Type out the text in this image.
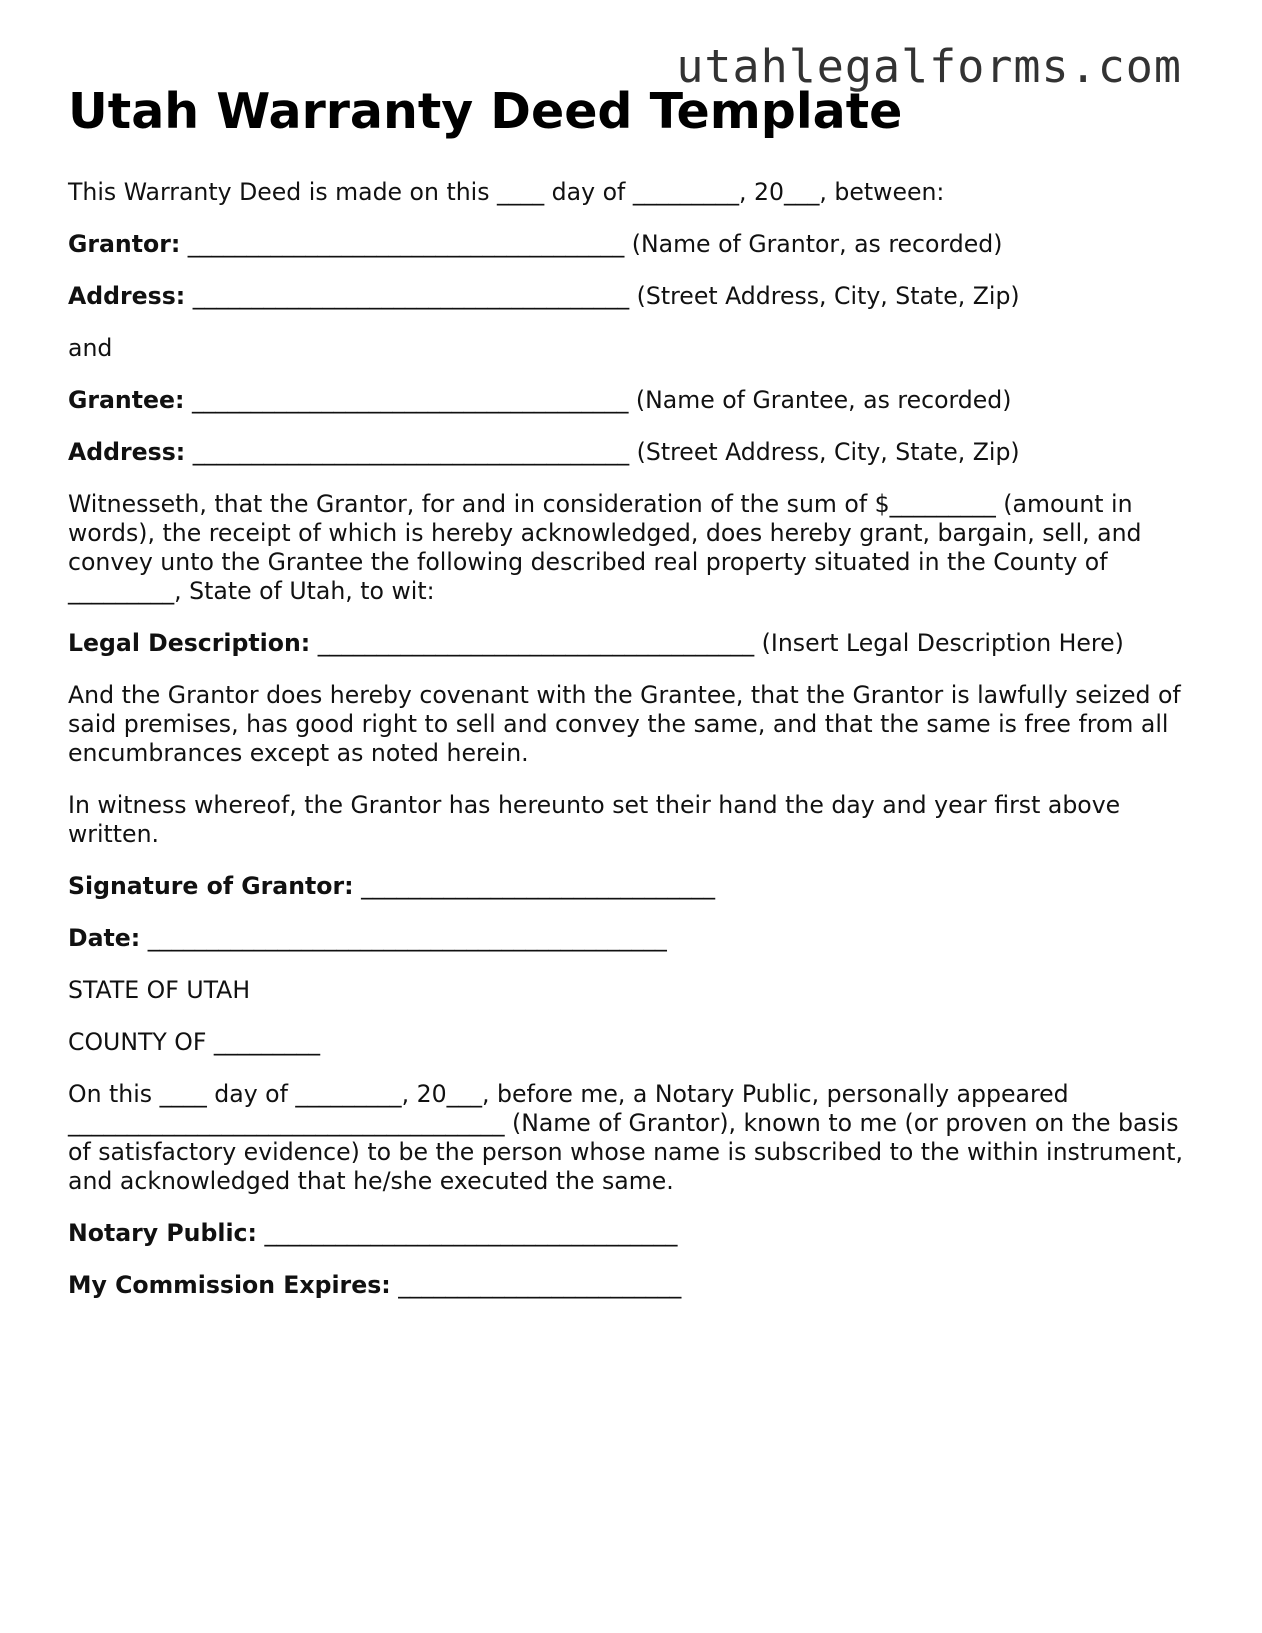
utahlegalforms.com
Utah Warranty Deed Template

This Warranty Deed is made on this ____ day of _________, 20___, between:

Grantor: _____________________________________ (Name of Grantor, as recorded)

Address: _____________________________________ (Street Address, City, State, Zip)

and

Grantee: _____________________________________ (Name of Grantee, as recorded)

Address: _____________________________________ (Street Address, City, State, Zip)

Witnesseth, that the Grantor, for and in consideration of the sum of $_________ (amount in words), the receipt of which is hereby acknowledged, does hereby grant, bargain, sell, and convey unto the Grantee the following described real property situated in the County of _________, State of Utah, to wit:

Legal Description: _____________________________________ (Insert Legal Description Here)

And the Grantor does hereby covenant with the Grantee, that the Grantor is lawfully seized of said premises, has good right to sell and convey the same, and that the same is free from all encumbrances except as noted herein.

In witness whereof, the Grantor has hereunto set their hand the day and year first above written.

Signature of Grantor: ______________________________

Date: ____________________________________________

STATE OF UTAH

COUNTY OF _________

On this ____ day of _________, 20___, before me, a Notary Public, personally appeared _____________________________________ (Name of Grantor), known to me (or proven on the basis of satisfactory evidence) to be the person whose name is subscribed to the within instrument, and acknowledged that he/she executed the same.

Notary Public: ___________________________________

My Commission Expires: ________________________
